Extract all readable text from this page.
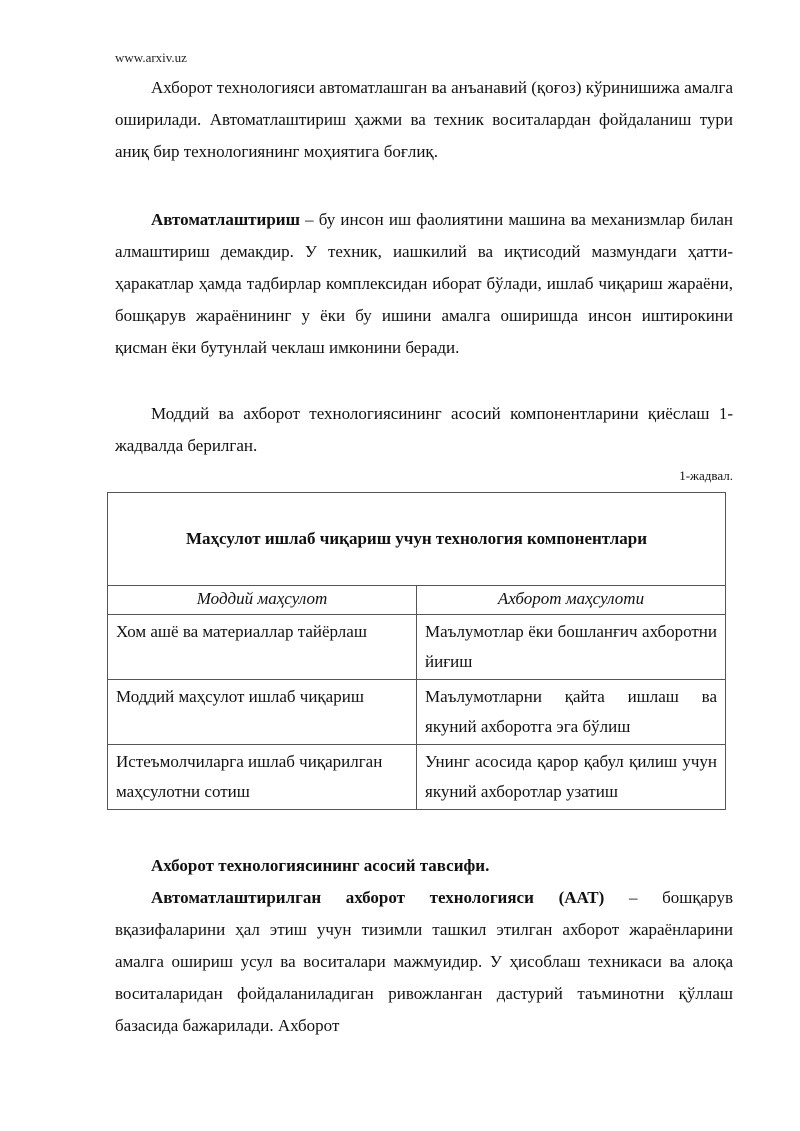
www.arxiv.uz

Ахборот технологияси автоматлашган ва анъанавий (қоғоз) кўринишижа амалга оширилади. Автоматлаштириш ҳажми ва техник воситалардан фойдаланиш тури аниқ бир технологиянинг моҳиятига боғлиқ.

Автоматлаштириш – бу инсон иш фаолиятини машина ва механизмлар билан алмаштириш демакдир. У техник, иашкилий ва иқтисодий мазмундаги ҳатти-ҳаракатлар ҳамда тадбирлар комплексидан иборат бўлади, ишлаб чиқариш жараёни, бошқарув жараёнининг у ёки бу ишини амалга оширишда инсон иштирокини қисман ёки бутунлай чеклаш имконини беради.

Моддий ва ахборот технологиясининг асосий компонентларини қиёслаш 1-жадвалда берилган.

1-жадвал.
Маҳсулот ишлаб чиқариш учун технология компонентлари	
Моддий маҳсулот	Ахборот маҳсулоти
Хом ашё ва материаллар тайёрлаш	Маълумотлар ёки бошланғич ахборотни йиғиш
Моддий маҳсулот ишлаб чиқариш	Маълумотларни қайта ишлаш ва якуний ахборотга эга бўлиш
Истеъмолчиларга ишлаб чиқарилган маҳсулотни сотиш	Унинг асосида қарор қабул қилиш учун якуний ахборотлар узатиш

Ахборот технологиясининг асосий тавсифи.

Автоматлаштирилган ахборот технологияси (ААТ) – бошқарув вқазифаларини ҳал этиш учун тизимли ташкил этилган ахборот жараёнларини амалга ошириш усул ва воситалари мажмуидир. У ҳисоблаш техникаси ва алоқа воситаларидан фойдаланиладиган ривожланган дастурий таъминотни қўллаш базасида бажарилади. Ахборот
